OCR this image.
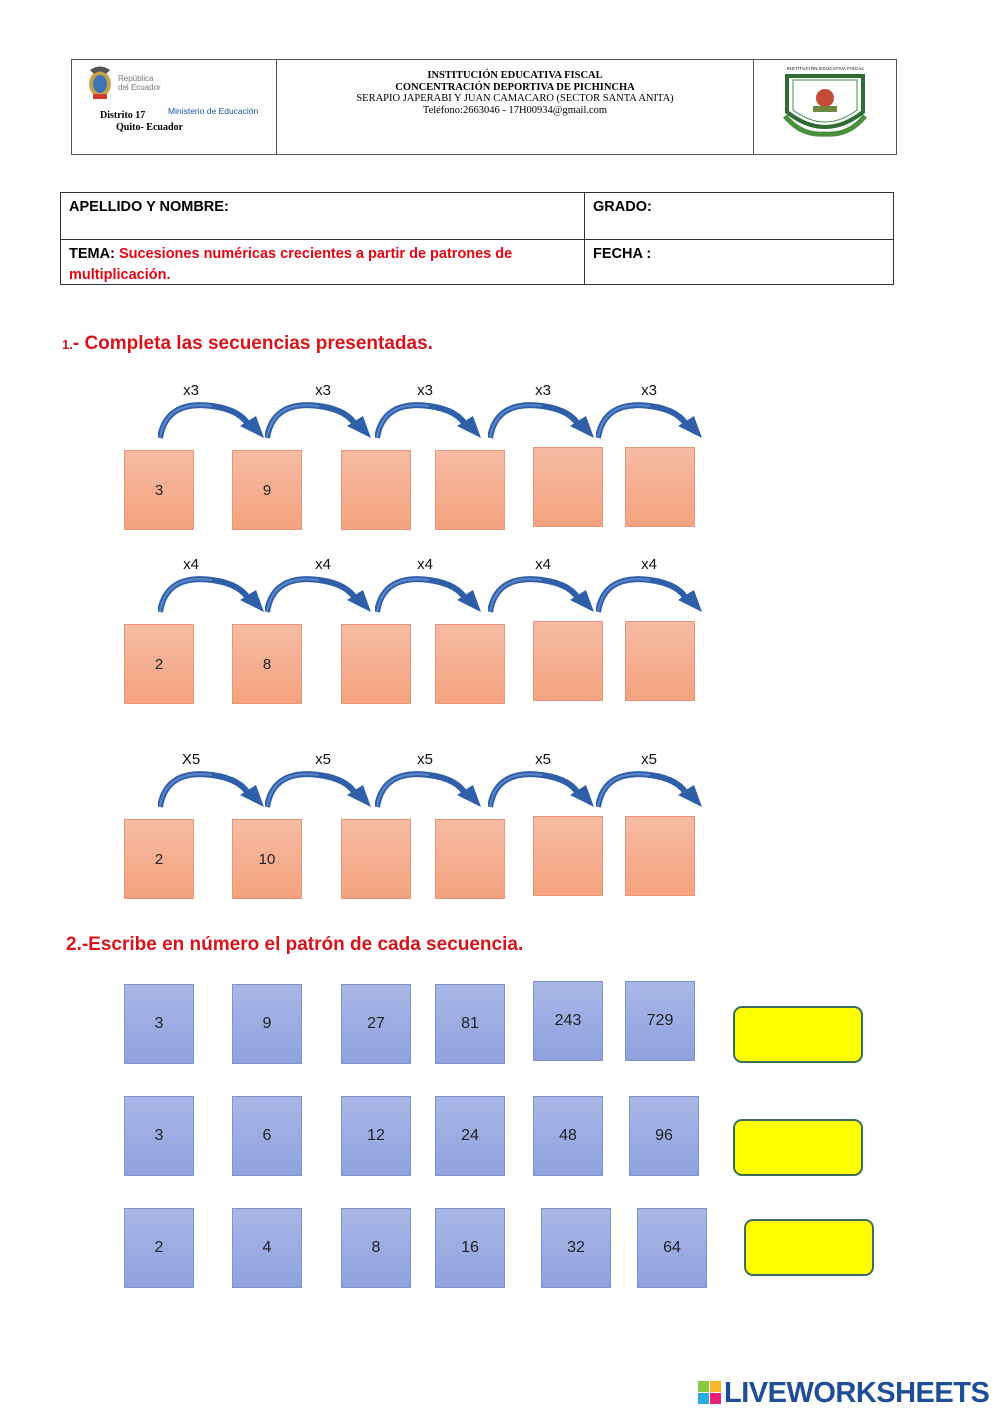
República
del Ecuador
Distrito 17	Ministerio de Educación
Quito- Ecuador
INSTITUCIÓN EDUCATIVA FISCAL
CONCENTRACIÓN DEPORTIVA DE PICHINCHA
SERAPIO JAPERABI Y JUAN CAMACARO (SECTOR SANTA ANITA)
Teléfono:2663046 - 17H00934@gmail.com
INSTITUCIÓN EDUCATIVA FISCAL
APELLIDO Y NOMBRE:	GRADO:
TEMA: Sucesiones numéricas crecientes a partir de patrones de multiplicación.
FECHA :
1.- Completa las secuencias presentadas.
x3	x3	x3	x3	x3
3	9
x4	x4	x4	x4	x4
2	8
X5	x5	x5	x5	x5
2	10
2.-Escribe en número el patrón de cada secuencia.
3	9	27	81	243	729
3	6	12	24	48	96
2	4	8	16	32	64
LIVEWORKSHEETS
